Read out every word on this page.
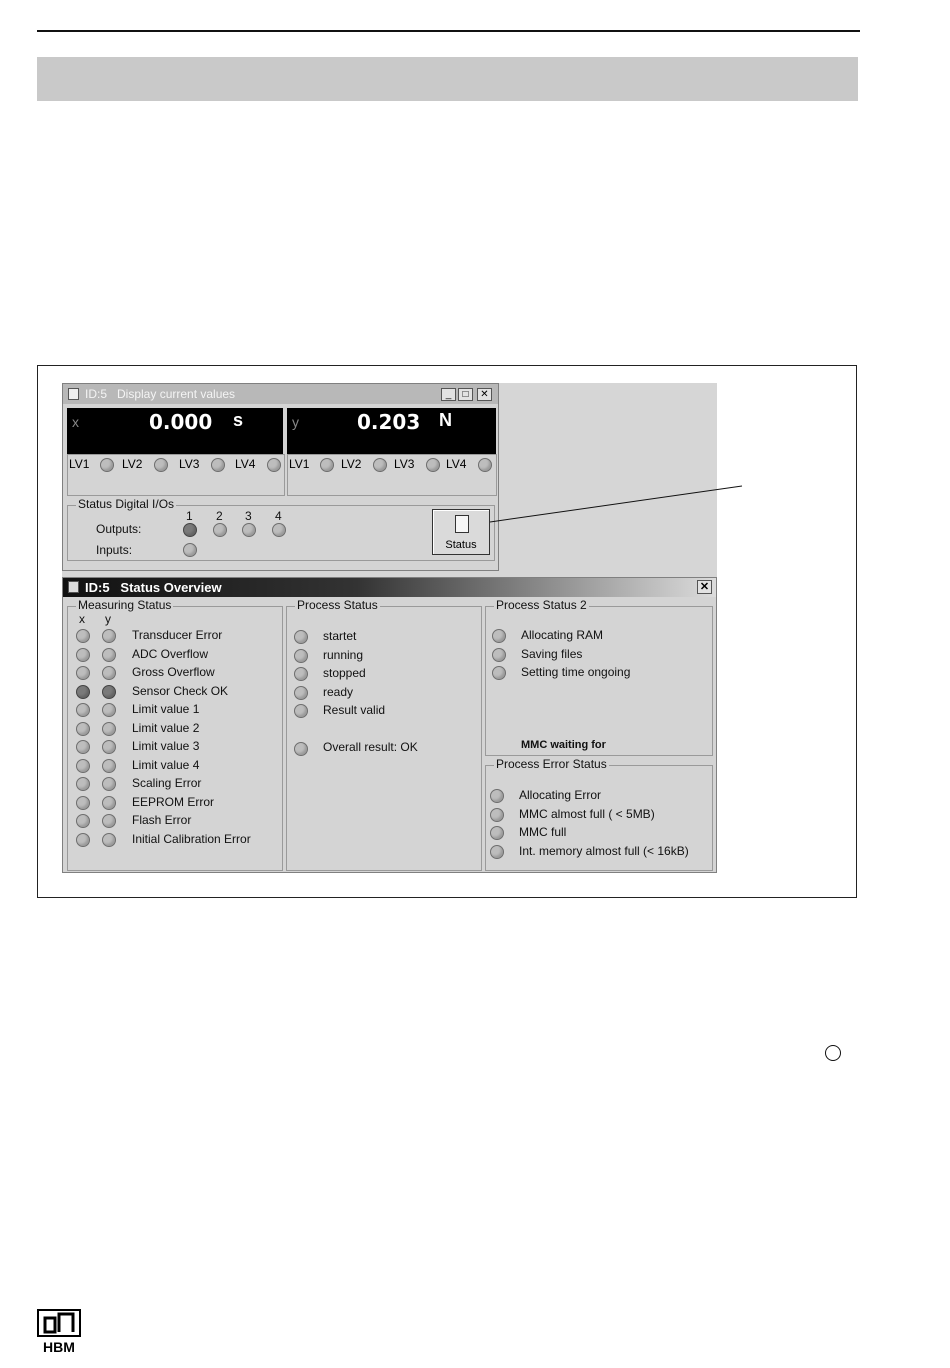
ID:5   Display current values	_	□	✕
x	0.000 s	y	0.203 N
LV1	LV2	LV3	LV4	LV1	LV2	LV3	LV4
Status Digital I/Os
1 2 3 4
Outputs:
Inputs:	Status
ID:5   Status Overview	✕
Measuring Status
x y
Transducer Error
ADC Overflow
Gross Overflow
Sensor Check OK
Limit value 1
Limit value 2
Limit value 3
Limit value 4
Scaling Error
EEPROM Error
Flash Error
Initial Calibration Error
Process Status
startet
running
stopped
ready
Result valid
Overall result: OK
Process Status 2
Allocating RAM
Saving files
Setting time ongoing
MMC waiting for
Process Error Status
Allocating Error
MMC almost full ( < 5MB)
MMC full
Int. memory almost full (< 16kB)
HBM
